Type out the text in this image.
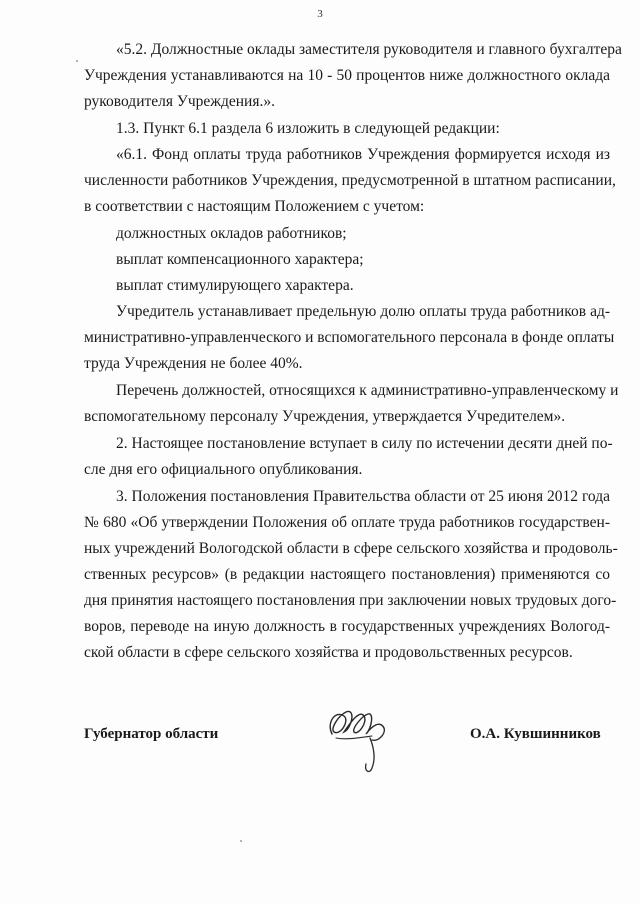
3
«5.2. Должностные оклады заместителя руководителя и главного бухгалтера
Учреждения устанавливаются на 10 - 50 процентов ниже должностного оклада
руководителя Учреждения.».
1.3. Пункт 6.1 раздела 6 изложить в следующей редакции:
«6.1. Фонд оплаты труда работников Учреждения формируется исходя из
численности работников Учреждения, предусмотренной в штатном расписании,
в соответствии с настоящим Положением с учетом:
должностных окладов работников;
выплат компенсационного характера;
выплат стимулирующего характера.
Учредитель устанавливает предельную долю оплаты труда работников ад-
министративно-управленческого и вспомогательного персонала в фонде оплаты
труда Учреждения не более 40%.
Перечень должностей, относящихся к административно-управленческому и
вспомогательному персоналу Учреждения, утверждается Учредителем».
2. Настоящее постановление вступает в силу по истечении десяти дней по-
сле дня его официального опубликования.
3. Положения постановления Правительства области от 25 июня 2012 года
№ 680 «Об утверждении Положения об оплате труда работников государствен-
ных учреждений Вологодской области в сфере сельского хозяйства и продоволь-
ственных ресурсов» (в редакции настоящего постановления) применяются со
дня принятия настоящего постановления при заключении новых трудовых дого-
воров, переводе на иную должность в государственных учреждениях Вологод-
ской области в сфере сельского хозяйства и продовольственных ресурсов.
Губернатор области	О.А. Кувшинников
